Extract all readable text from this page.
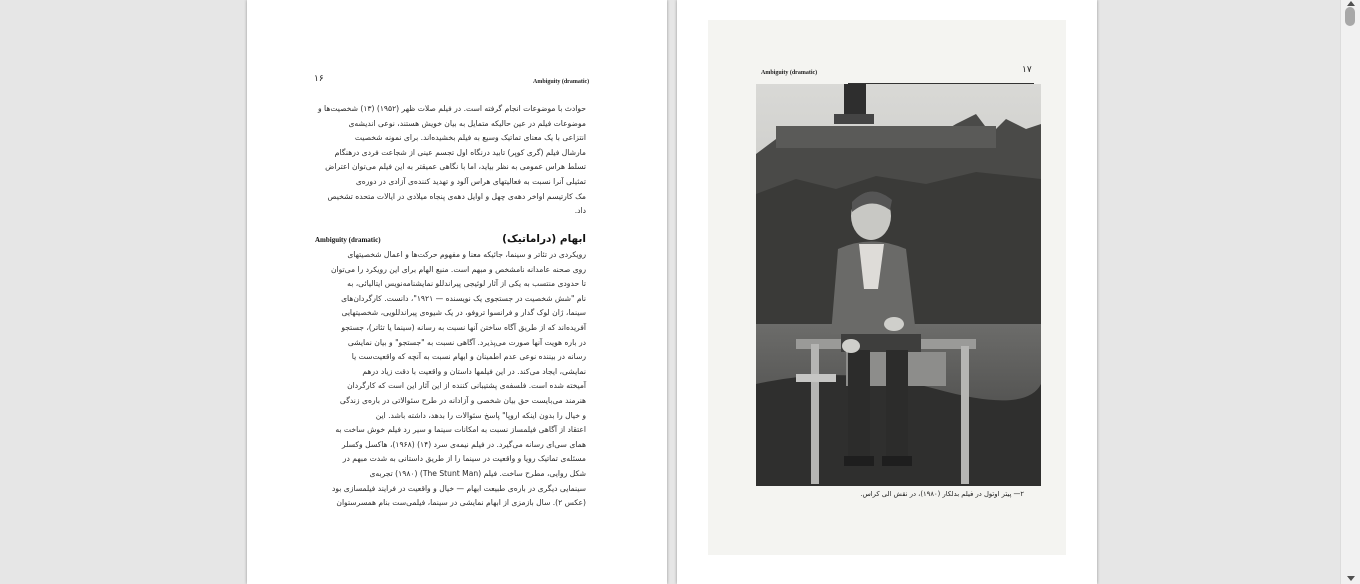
۱۶	Ambiguity (dramatic)
حوادث با موضوعات انجام گرفته است. در فیلم صلات ظهر (۱۹۵۲) (۱۳) شخصیت‌ها و
موضوعات فیلم در عین حالیکه متمایل به بیان خویش هستند، نوعی اندیشه‌ی
انتزاعی با یک معنای تماتیک وسیع به فیلم بخشیده‌اند. برای نمونه شخصیت
مارشال فیلم (گری کوپر) تابید درنگاه اول تجسم عینی از شجاعت فردی درهنگام
تسلط هراس عمومی به نظر بیاید، اما با نگاهی عمیقتر به این فیلم می‌توان اعتراض
تمثیلی آنرا نسبت به فعالیتهای هراس آلود و تهدید کننده‌ی آزادی در دوره‌ی
مک کارتیسم اواخر دهه‌ی چهل و اوایل دهه‌ی پنجاه میلادی در ایالات متحده تشخیص
داد.
ابهام (دراماتیک)
Ambiguity (dramatic)
رویکردی در تئاتر و سینما، جائیکه معنا و مفهوم حرکت‌ها و اعمال شخصیتهای
روی صحنه عامدانه نامشخص و مبهم است. منبع الهام برای این رویکرد را می‌توان
تا حدودی منتسب به یکی از آثار لوئیجی پیراندللو نمایشنامه‌نویس ایتالیائی، به
نام "شش شخصیت در جستجوی یک نویسنده — ۱۹۲۱"، دانست. کارگردان‌های
سینما، ژان لوک گدار و فرانسوا تروفو، در یک شیوه‌ی پیراندللویی، شخصیتهایی
آفریده‌اند که از طریق آگاه ساختن آنها نسبت به رسانه (سینما یا تئاتر)، جستجو
در باره هویت آنها صورت می‌پذیرد. آگاهی نسبت به "جستجو" و بیان نمایشی
رسانه در بیننده نوعی عدم اطمینان و ابهام نسبت به آنچه که واقعیت‌ست یا
نمایشی، ایجاد می‌کند. در این فیلمها داستان و واقعیت با دقت زیاد درهم
آمیخته شده است. فلسفه‌ی پشتیبانی کننده از این آثار این است که کارگردان
هنرمند می‌بایست حق بیان شخصی و آزادانه در طرح سئوالاتی در باره‌ی زندگی
و خیال را بدون اینکه اروپا" پاسخ سئوالات را بدهد، داشته باشد. این
اعتقاد از آگاهی فیلمساز نسبت به امکانات سینما و سیر رد فیلم خوش ساخت به
همای سی‌ای رسانه می‌گیرد. در فیلم نیمه‌ی سرد (۱۴) (۱۹۶۸)، هاکسل وکسلر
مسئله‌ی تماتیک رویا و واقعیت در سینما را از طریق داستانی به شدت مبهم در
شکل روایی، مطرح ساخت. فیلم (The Stunt Man) (۱۹۸۰) تجربه‌ی
سینمایی دیگری در باره‌ی طبیعت ابهام — خیال و واقعیت در فرایند فیلمسازی بود
(عکس ۲). سال بازمزی از ابهام نمایشی در سینما، فیلمی‌ست بنام همسرستوان
Ambiguity (dramatic)	۱۷
۲— پیتر اوتول در فیلم بدلکار (۱۹۸۰)، در نقش الی کراس.
